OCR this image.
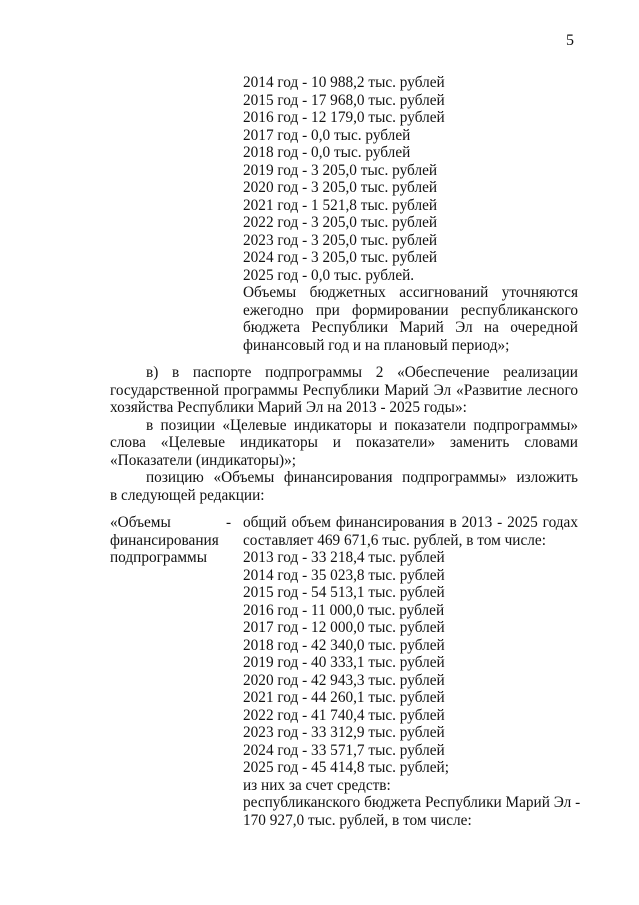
5
2014 год - 10 988,2 тыс. рублей
2015 год - 17 968,0 тыс. рублей
2016 год - 12 179,0 тыс. рублей
2017 год - 0,0 тыс. рублей
2018 год - 0,0 тыс. рублей
2019 год - 3 205,0 тыс. рублей
2020 год - 3 205,0 тыс. рублей
2021 год - 1 521,8 тыс. рублей
2022 год - 3 205,0 тыс. рублей
2023 год - 3 205,0 тыс. рублей
2024 год - 3 205,0 тыс. рублей
2025 год - 0,0 тыс. рублей.
Объемы бюджетных ассигнований уточняются
ежегодно при формировании республиканского
бюджета Республики Марий Эл на очередной
финансовый год и на плановый период»;
в) в паспорте подпрограммы 2 «Обеспечение реализации
государственной программы Республики Марий Эл «Развитие лесного
хозяйства Республики Марий Эл на 2013 - 2025 годы»:
в позиции «Целевые индикаторы и показатели подпрограммы»
слова «Целевые индикаторы и показатели» заменить словами
«Показатели (индикаторы)»;
позицию «Объемы финансирования подпрограммы» изложить
в следующей редакции:
«Объемы
финансирования
подпрограммы
- общий объем финансирования в 2013 - 2025 годах
составляет 469 671,6 тыс. рублей, в том числе:
2013 год - 33 218,4 тыс. рублей
2014 год - 35 023,8 тыс. рублей
2015 год - 54 513,1 тыс. рублей
2016 год - 11 000,0 тыс. рублей
2017 год - 12 000,0 тыс. рублей
2018 год - 42 340,0 тыс. рублей
2019 год - 40 333,1 тыс. рублей
2020 год - 42 943,3 тыс. рублей
2021 год - 44 260,1 тыс. рублей
2022 год - 41 740,4 тыс. рублей
2023 год - 33 312,9 тыс. рублей
2024 год - 33 571,7 тыс. рублей
2025 год - 45 414,8 тыс. рублей;
из них за счет средств:
республиканского бюджета Республики Марий Эл -
170 927,0 тыс. рублей, в том числе:
